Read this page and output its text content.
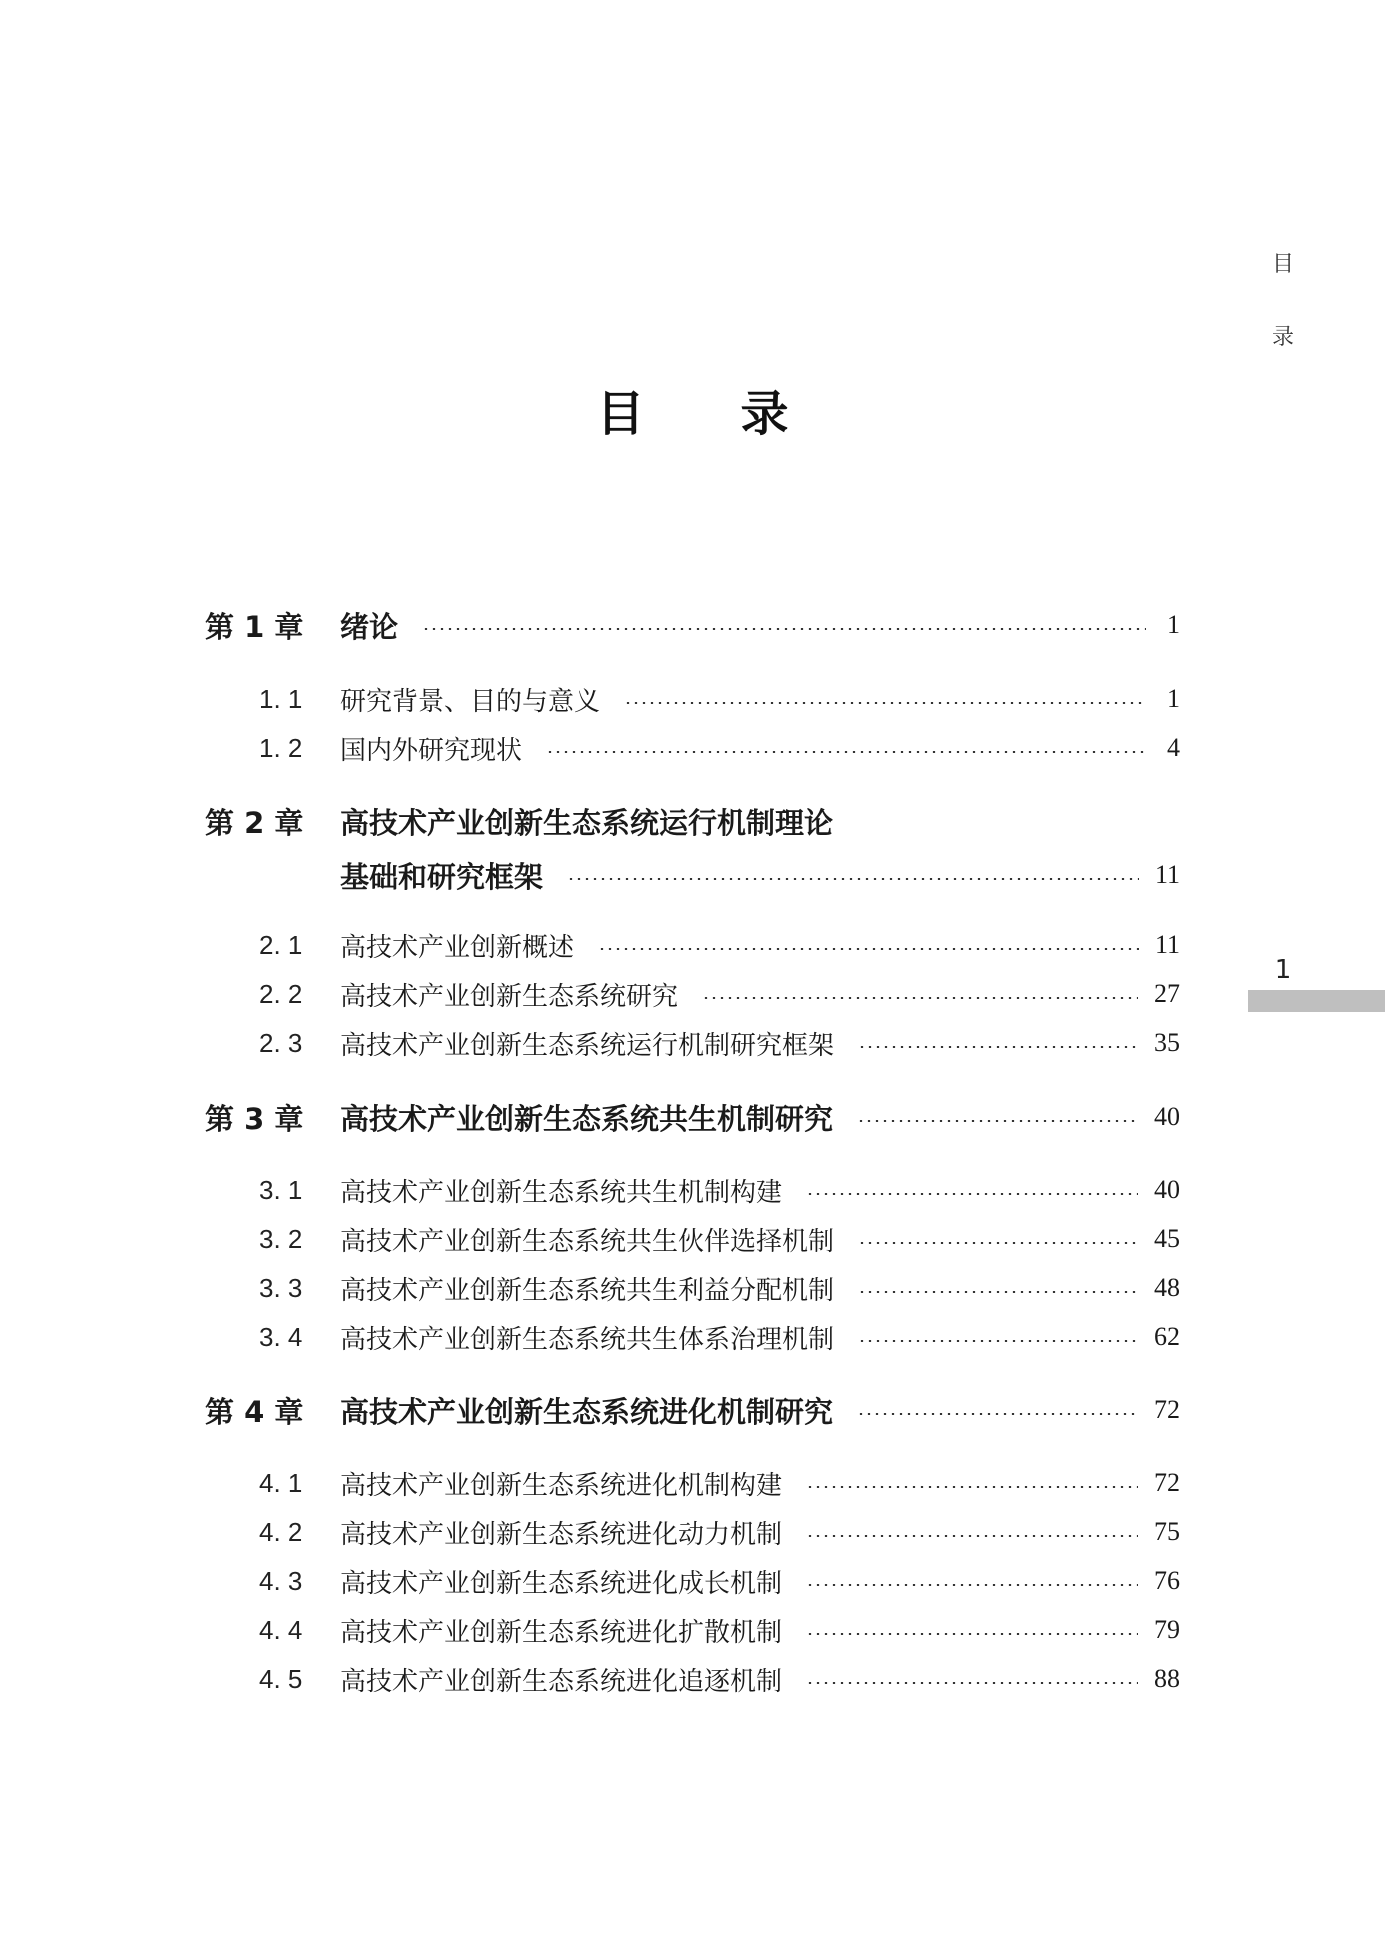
目
录
1
目 录
第 1 章	绪论	1
1. 1	研究背景、目的与意义	1
1. 2	国内外研究现状	4
第 2 章	高技术产业创新生态系统运行机制理论
基础和研究框架	11
2. 1	高技术产业创新概述	11
2. 2	高技术产业创新生态系统研究	27
2. 3	高技术产业创新生态系统运行机制研究框架	35
第 3 章	高技术产业创新生态系统共生机制研究	40
3. 1	高技术产业创新生态系统共生机制构建	40
3. 2	高技术产业创新生态系统共生伙伴选择机制	45
3. 3	高技术产业创新生态系统共生利益分配机制	48
3. 4	高技术产业创新生态系统共生体系治理机制	62
第 4 章	高技术产业创新生态系统进化机制研究	72
4. 1	高技术产业创新生态系统进化机制构建	72
4. 2	高技术产业创新生态系统进化动力机制	75
4. 3	高技术产业创新生态系统进化成长机制	76
4. 4	高技术产业创新生态系统进化扩散机制	79
4. 5	高技术产业创新生态系统进化追逐机制	88
